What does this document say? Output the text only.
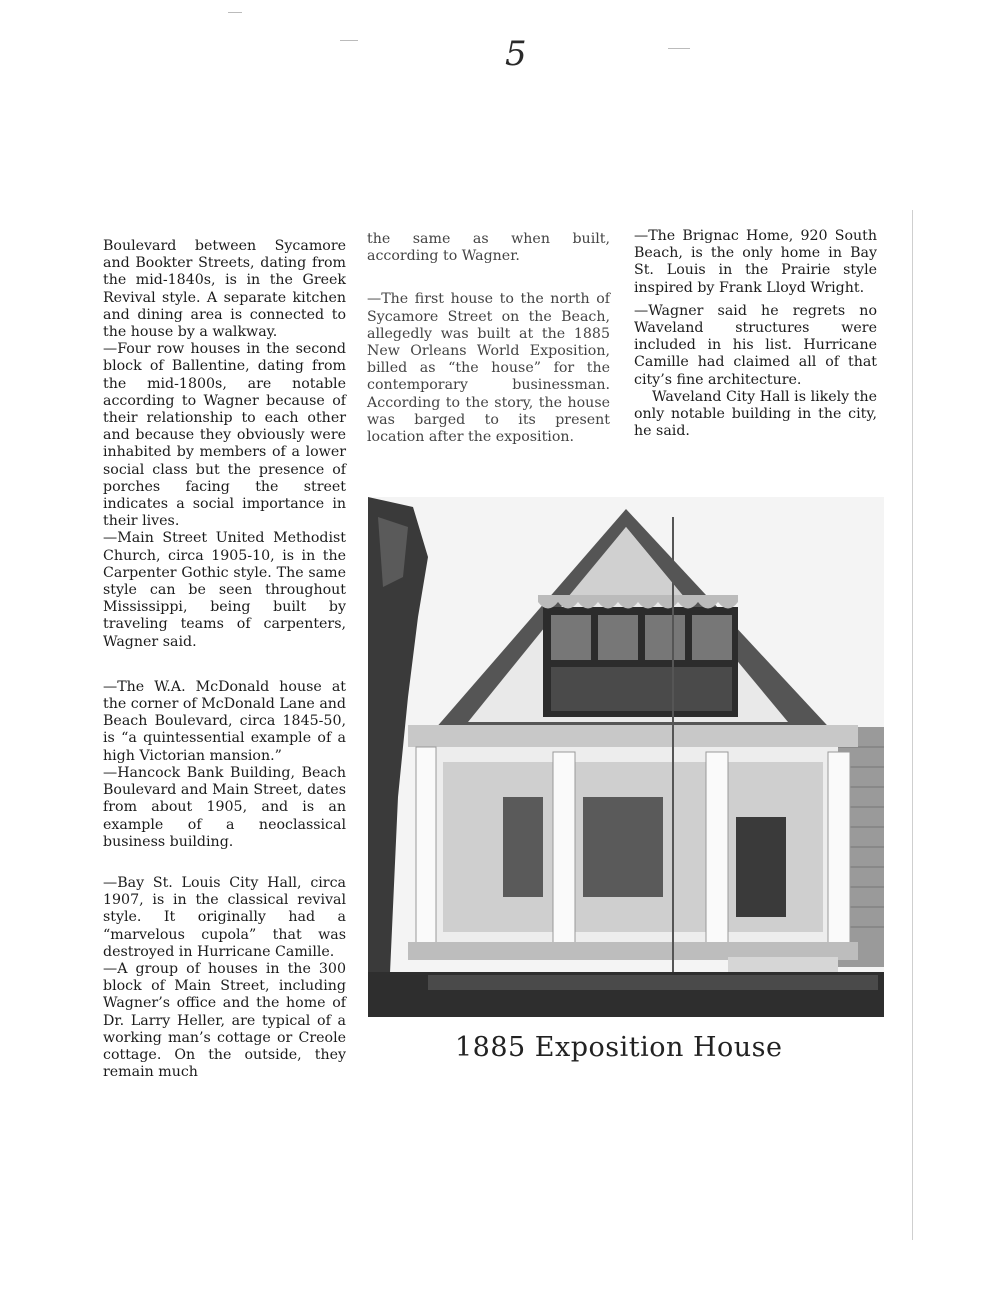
5

Boulevard between Sycamore and Bookter Streets, dating from the mid-1840s, is in the Greek Revival style. A separate kitchen and dining area is connected to the house by a walkway.

—Four row houses in the second block of Ballentine, dating from the mid-1800s, are notable according to Wagner because of their relationship to each other and because they obviously were inhabited by members of a lower social class but the presence of porches facing the street indicates a social importance in their lives.

—Main Street United Methodist Church, circa 1905-10, is in the Carpenter Gothic style. The same style can be seen throughout Mississippi, being built by traveling teams of carpenters, Wagner said.

—The W.A. McDonald house at the corner of McDonald Lane and Beach Boulevard, circa 1845-50, is “a quintessential example of a high Victorian mansion.”

—Hancock Bank Building, Beach Boulevard and Main Street, dates from about 1905, and is an example of a neoclassical business building.

—Bay St. Louis City Hall, circa 1907, is in the classical revival style. It originally had a “marvelous cupola” that was destroyed in Hurricane Camille.

—A group of houses in the 300 block of Main Street, including Wagner’s office and the home of Dr. Larry Heller, are typical of a working man’s cottage or Creole cottage. On the outside, they remain much

the same as when built, according to Wagner.

—The first house to the north of Sycamore Street on the Beach, allegedly was built at the 1885 New Orleans World Exposition, billed as “the house” for the contemporary businessman. According to the story, the house was barged to its present location after the exposition.

—The Brignac Home, 920 South Beach, is the only home in Bay St. Louis in the Prairie style inspired by Frank Lloyd Wright.

—Wagner said he regrets no Waveland structures were included in his list. Hurricane Camille had claimed all of that city’s fine architecture.

Waveland City Hall is likely the only notable building in the city, he said.

1885 Exposition House
